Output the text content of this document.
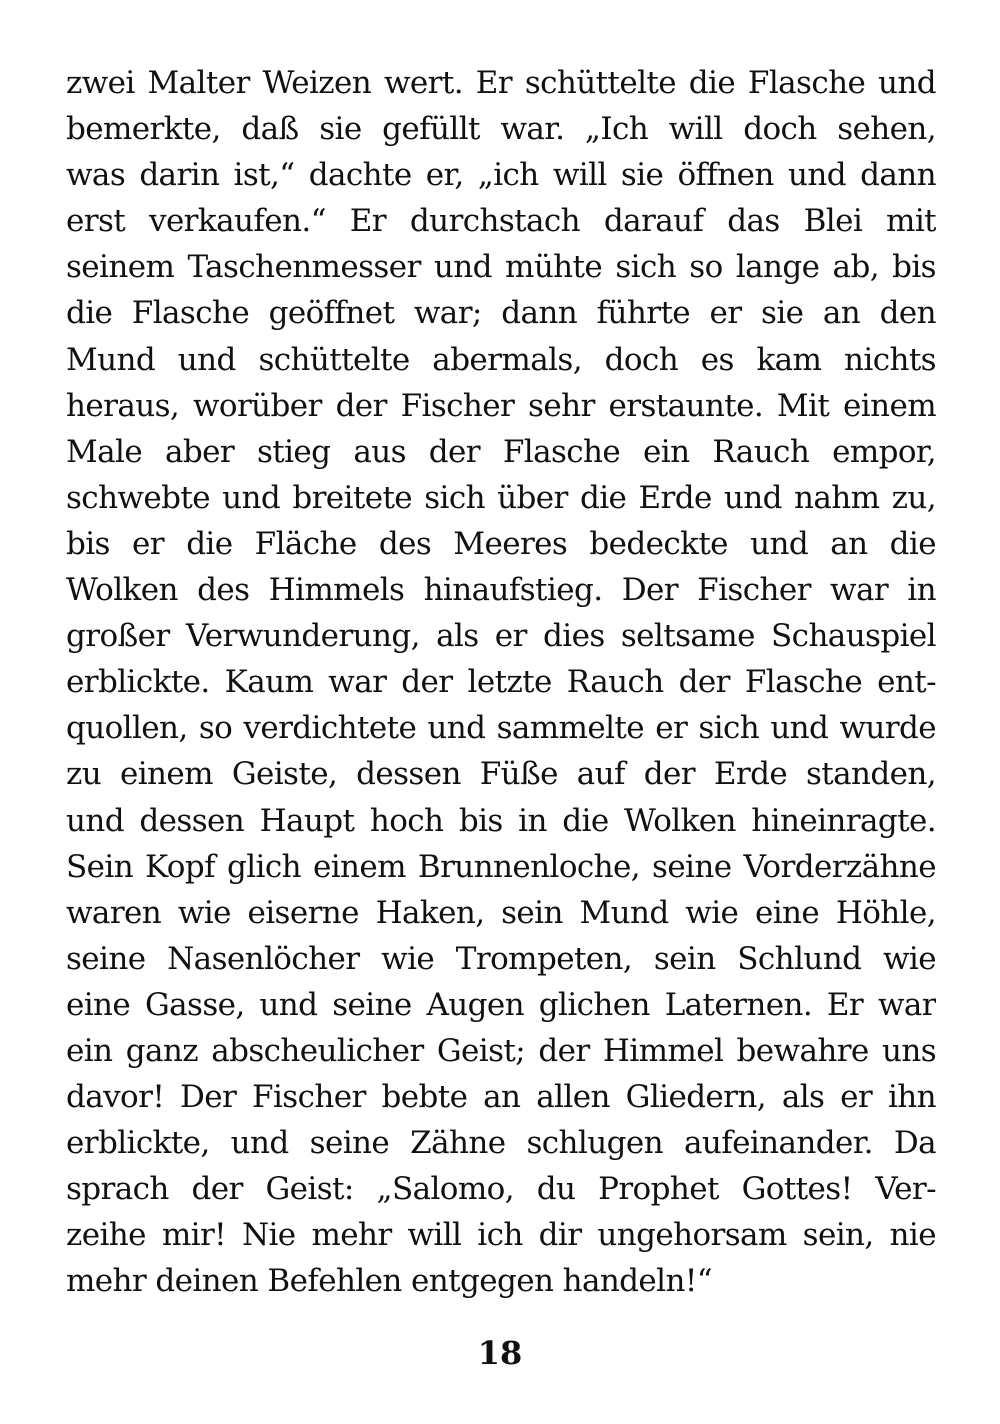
zwei Malter Weizen wert. Er schüttelte die Flasche und
bemerkte, daß sie gefüllt war. „Ich will doch sehen,
was darin ist,“ dachte er, „ich will sie öffnen und dann
erst verkaufen.“ Er durchstach darauf das Blei mit
seinem Taschenmesser und mühte sich so lange ab, bis
die Flasche geöffnet war; dann führte er sie an den
Mund und schüttelte abermals, doch es kam nichts
heraus, worüber der Fischer sehr erstaunte. Mit einem
Male aber stieg aus der Flasche ein Rauch empor,
schwebte und breitete sich über die Erde und nahm zu,
bis er die Fläche des Meeres bedeckte und an die
Wolken des Himmels hinaufstieg. Der Fischer war in
großer Verwunderung, als er dies seltsame Schauspiel
erblickte. Kaum war der letzte Rauch der Flasche ent-
quollen, so verdichtete und sammelte er sich und wurde
zu einem Geiste, dessen Füße auf der Erde standen,
und dessen Haupt hoch bis in die Wolken hineinragte.
Sein Kopf glich einem Brunnenloche, seine Vorderzähne
waren wie eiserne Haken, sein Mund wie eine Höhle,
seine Nasenlöcher wie Trompeten, sein Schlund wie
eine Gasse, und seine Augen glichen Laternen. Er war
ein ganz abscheulicher Geist; der Himmel bewahre uns
davor! Der Fischer bebte an allen Gliedern, als er ihn
erblickte, und seine Zähne schlugen aufeinander. Da
sprach der Geist: „Salomo, du Prophet Gottes! Ver-
zeihe mir! Nie mehr will ich dir ungehorsam sein, nie
mehr deinen Befehlen entgegen handeln!“
18
